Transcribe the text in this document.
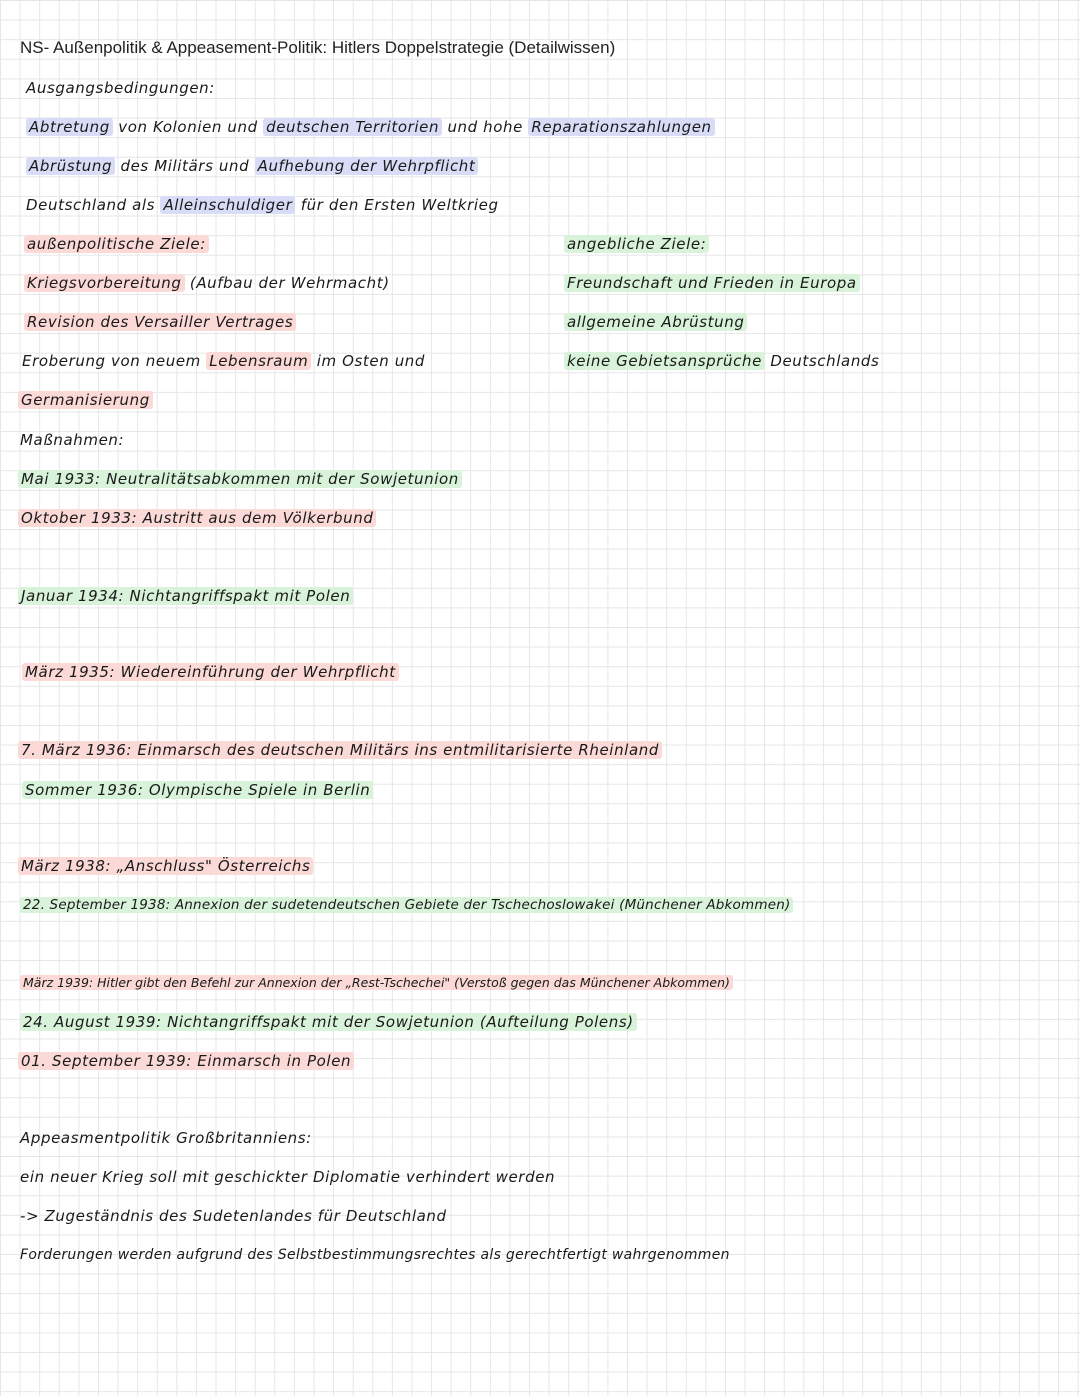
NS- Außenpolitik & Appeasement-Politik: Hitlers Doppelstrategie (Detailwissen)
Ausgangsbedingungen:
Abtretung von Kolonien und deutschen Territorien und hohe Reparationszahlungen
Abrüstung des Militärs und Aufhebung der Wehrpflicht
Deutschland als Alleinschuldiger für den Ersten Weltkrieg
außenpolitische Ziele:
Kriegsvorbereitung (Aufbau der Wehrmacht)
Revision des Versailler Vertrages
Eroberung von neuem Lebensraum im Osten und
Germanisierung
angebliche Ziele:
Freundschaft und Frieden in Europa
allgemeine Abrüstung
keine Gebietsansprüche Deutschlands
Maßnahmen:
Mai 1933: Neutralitätsabkommen mit der Sowjetunion
Oktober 1933: Austritt aus dem Völkerbund
Januar 1934: Nichtangriffspakt mit Polen
März 1935: Wiedereinführung der Wehrpflicht
7. März 1936: Einmarsch des deutschen Militärs ins entmilitarisierte Rheinland
Sommer 1936: Olympische Spiele in Berlin
März 1938: „Anschluss" Österreichs
22. September 1938: Annexion der sudetendeutschen Gebiete der Tschechoslowakei (Münchener Abkommen)
März 1939: Hitler gibt den Befehl zur Annexion der „Rest-Tschechei" (Verstoß gegen das Münchener Abkommen)
24. August 1939: Nichtangriffspakt mit der Sowjetunion (Aufteilung Polens)
01. September 1939: Einmarsch in Polen
Appeasmentpolitik Großbritanniens:
ein neuer Krieg soll mit geschickter Diplomatie verhindert werden
-> Zugeständnis des Sudetenlandes für Deutschland
Forderungen werden aufgrund des Selbstbestimmungsrechtes als gerechtfertigt wahrgenommen
